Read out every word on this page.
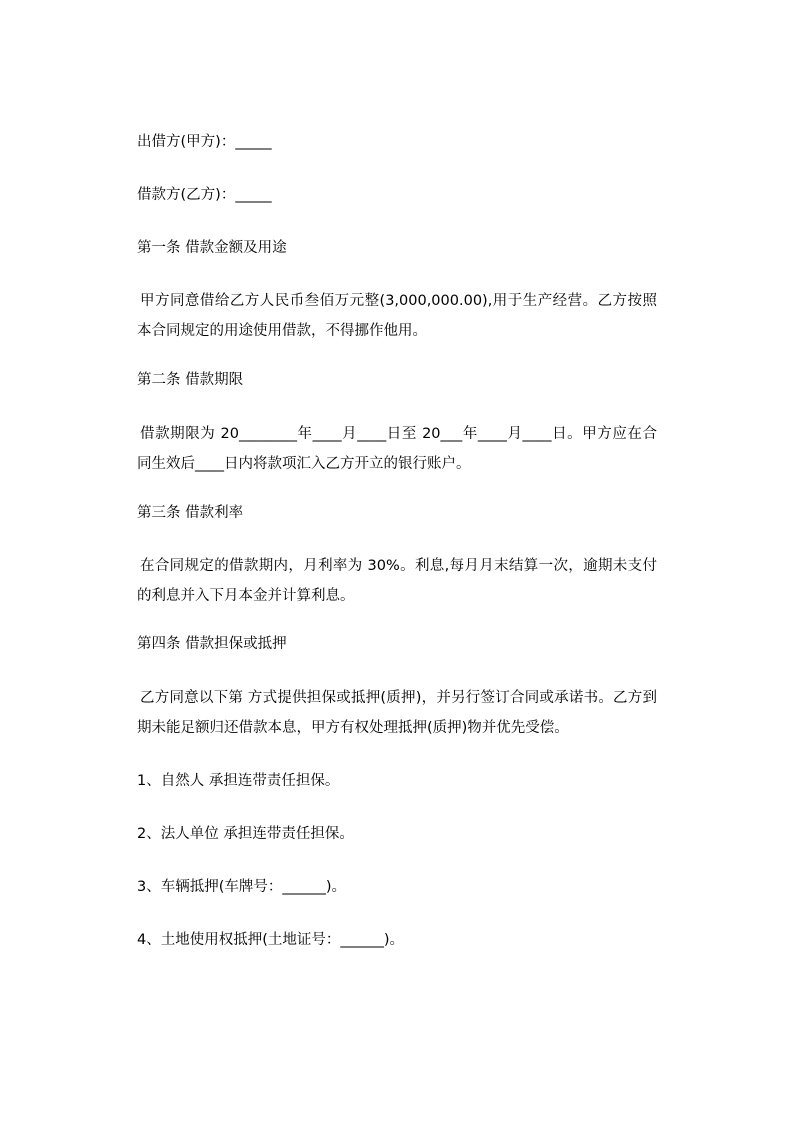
出借方(甲方)：_____

借款方(乙方)：_____

第一条 借款金额及用途

甲方同意借给乙方人民币叁佰万元整(3,000,000.00),用于生产经营。乙方按照本合同规定的用途使用借款，不得挪作他用。

第二条 借款期限

借款期限为 20________年____月____日至 20___年____月____日。甲方应在合同生效后____日内将款项汇入乙方开立的银行账户。

第三条 借款利率

在合同规定的借款期内，月利率为 30%。利息,每月月末结算一次，逾期未支付的利息并入下月本金并计算利息。

第四条 借款担保或抵押

乙方同意以下第 方式提供担保或抵押(质押)，并另行签订合同或承诺书。乙方到期未能足额归还借款本息，甲方有权处理抵押(质押)物并优先受偿。

1、自然人 承担连带责任担保。

2、法人单位 承担连带责任担保。

3、车辆抵押(车牌号：______)。

4、土地使用权抵押(土地证号：______)。
